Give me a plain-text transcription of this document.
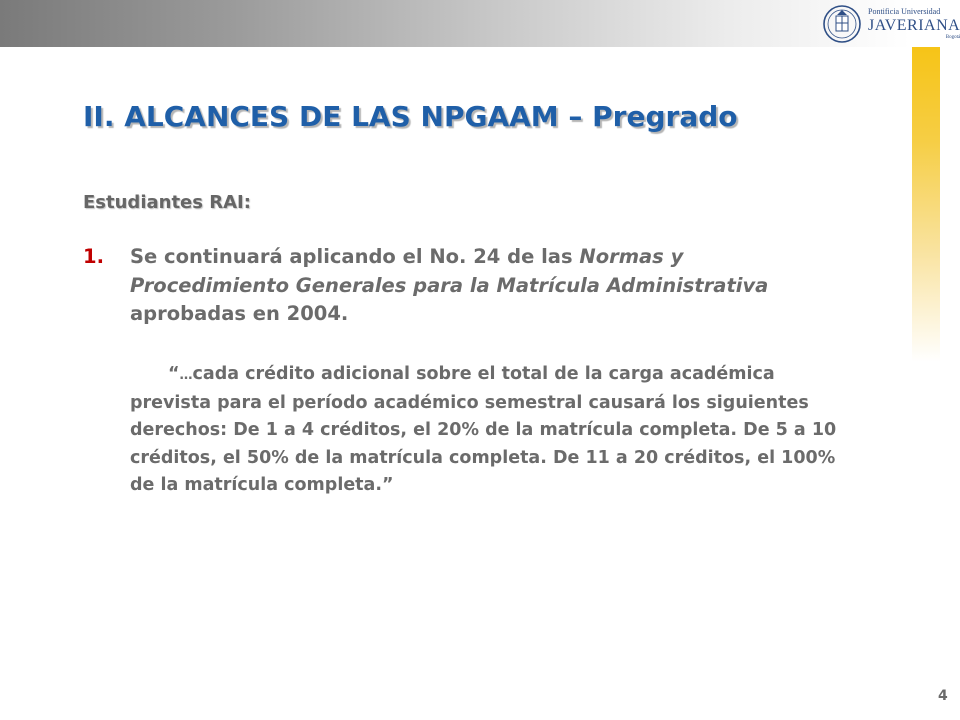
Pontificia Universidad
JAVERIANA
Bogotá
II. ALCANCES DE LAS NPGAAM – Pregrado
Estudiantes RAI:
1. Se continuará aplicando el No. 24 de las Normas y Procedimiento Generales para la Matrícula Administrativa aprobadas en 2004.
“…cada crédito adicional sobre el total de la carga académica prevista para el período académico semestral causará los siguientes derechos: De 1 a 4 créditos, el 20% de la matrícula completa. De 5 a 10 créditos, el 50% de la matrícula completa. De 11 a 20 créditos, el 100% de la matrícula completa.”
4
